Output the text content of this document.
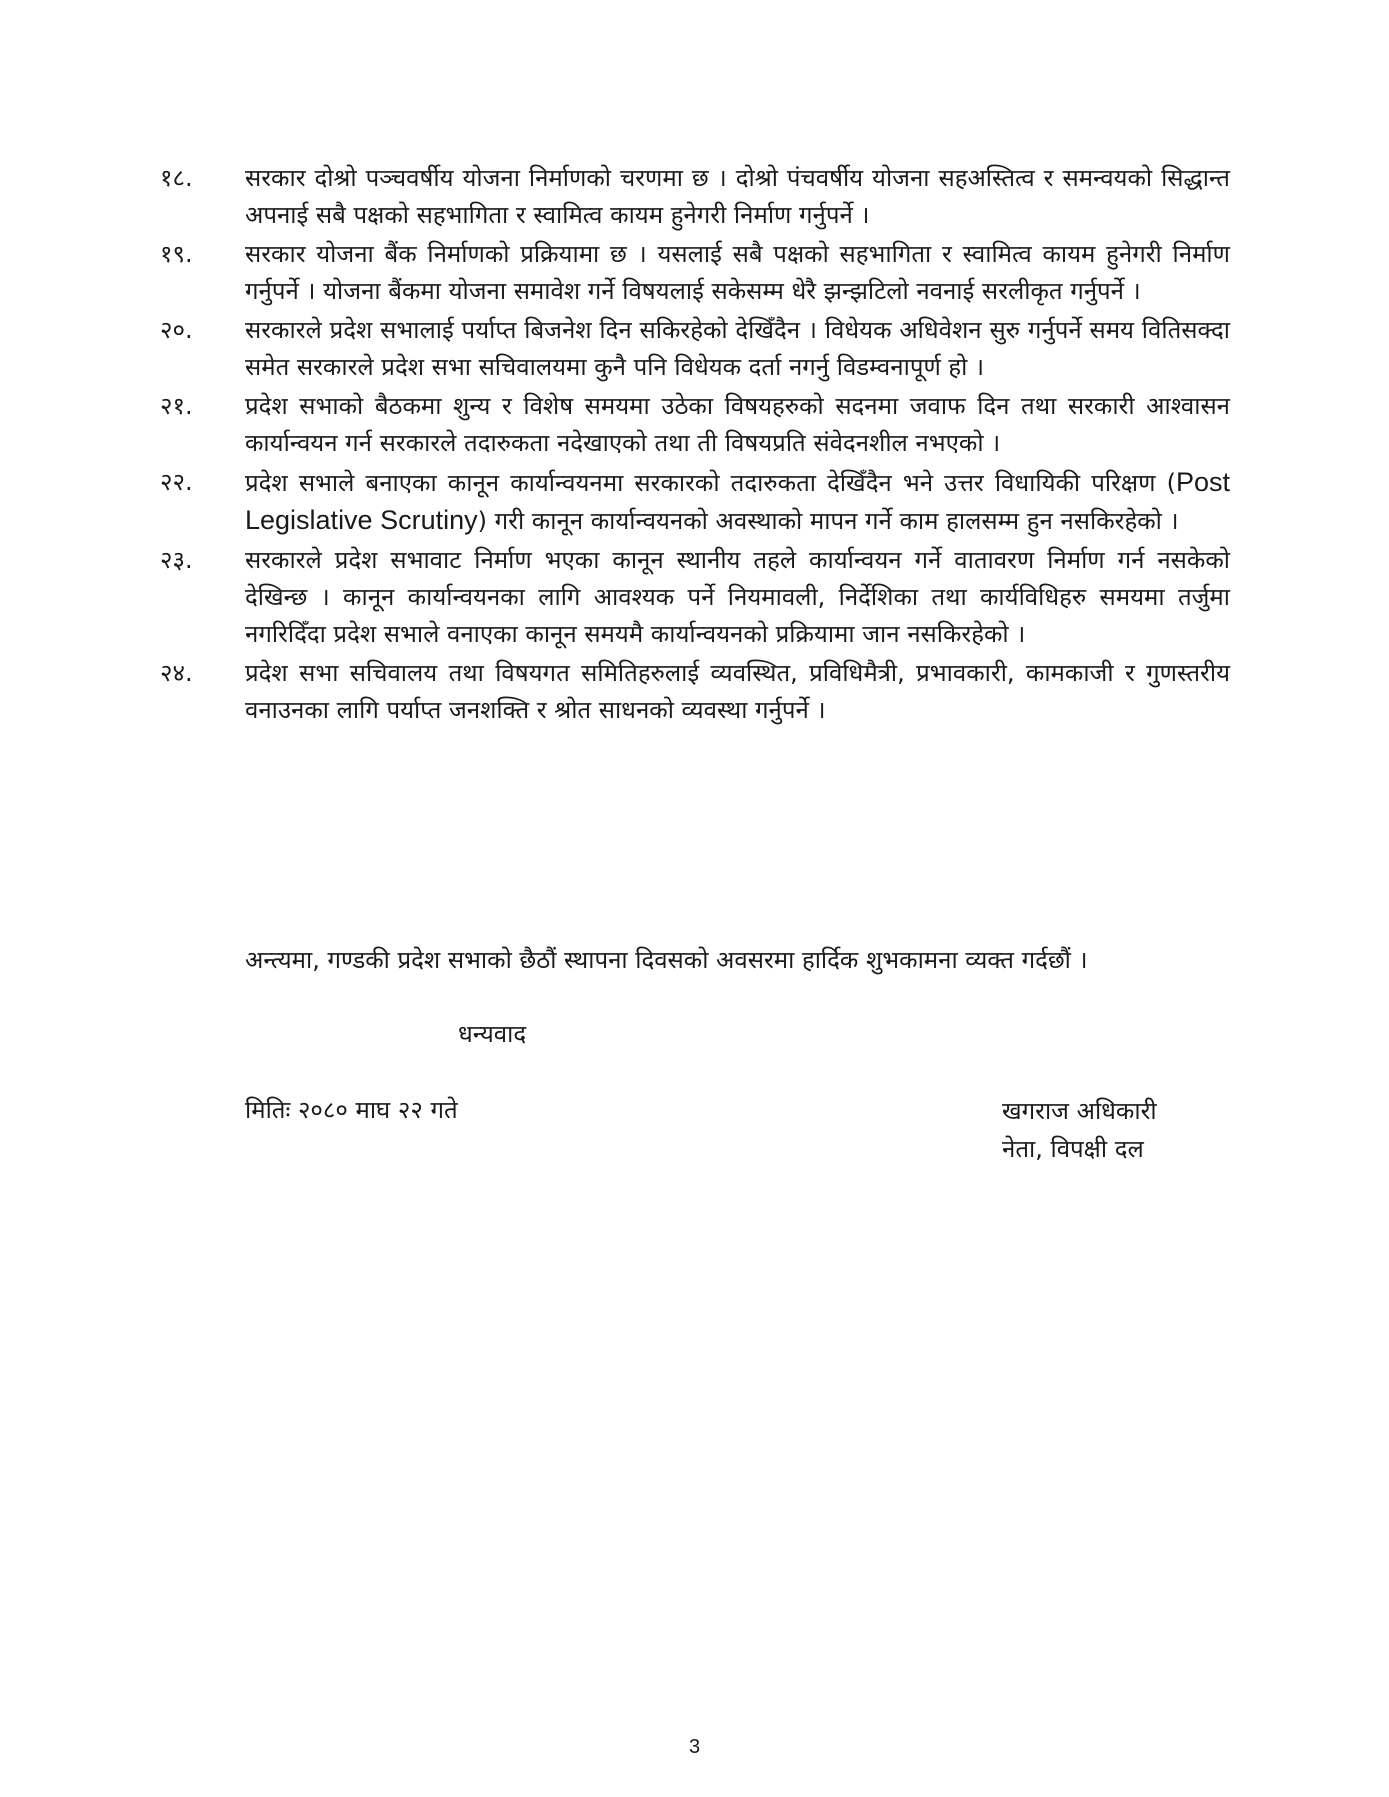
१८.	सरकार दोश्रो पञ्चवर्षीय योजना निर्माणको चरणमा छ । दोश्रो पंचवर्षीय योजना सहअस्तित्व र समन्वयको सिद्धान्त अपनाई सबै पक्षको सहभागिता र स्वामित्व कायम हुनेगरी निर्माण गर्नुपर्ने ।
१९.	सरकार योजना बैंक निर्माणको प्रक्रियामा छ । यसलाई सबै पक्षको सहभागिता र स्वामित्व कायम हुनेगरी निर्माण गर्नुपर्ने । योजना बैंकमा योजना समावेश गर्ने विषयलाई सकेसम्म धेरै झन्झटिलो नवनाई सरलीकृत गर्नुपर्ने ।
२०.	सरकारले प्रदेश सभालाई पर्याप्त बिजनेश दिन सकिरहेको देखिँदैन । विधेयक अधिवेशन सुरु गर्नुपर्ने समय वितिसक्दा समेत सरकारले प्रदेश सभा सचिवालयमा कुनै पनि विधेयक दर्ता नगर्नु विडम्वनापूर्ण हो ।
२१.	प्रदेश सभाको बैठकमा शुन्य र विशेष समयमा उठेका विषयहरुको सदनमा जवाफ दिन तथा सरकारी आश्वासन कार्यान्वयन गर्न सरकारले तदारुकता नदेखाएको तथा ती विषयप्रति संवेदनशील नभएको ।
२२.	प्रदेश सभाले बनाएका कानून कार्यान्वयनमा सरकारको तदारुकता देखिँदैन भने उत्तर विधायिकी परिक्षण (Post Legislative Scrutiny) गरी कानून कार्यान्वयनको अवस्थाको मापन गर्ने काम हालसम्म हुन नसकिरहेको ।
२३.	सरकारले प्रदेश सभावाट निर्माण भएका कानून स्थानीय तहले कार्यान्वयन गर्ने वातावरण निर्माण गर्न नसकेको देखिन्छ । कानून कार्यान्वयनका लागि आवश्यक पर्ने नियमावली, निर्देशिका तथा कार्यविधिहरु समयमा तर्जुमा नगरिदिँदा प्रदेश सभाले वनाएका कानून समयमै कार्यान्वयनको प्रक्रियामा जान नसकिरहेको ।
२४.	प्रदेश सभा सचिवालय तथा विषयगत समितिहरुलाई व्यवस्थित, प्रविधिमैत्री, प्रभावकारी, कामकाजी र गुणस्तरीय वनाउनका लागि पर्याप्त जनशक्ति र श्रोत साधनको व्यवस्था गर्नुपर्ने ।
अन्त्यमा, गण्डकी प्रदेश सभाको छैठौं स्थापना दिवसको अवसरमा हार्दिक शुभकामना व्यक्त गर्दछौं ।
धन्यवाद
मितिः २०८० माघ २२ गते	खगराज अधिकारी
नेता, विपक्षी दल
3
